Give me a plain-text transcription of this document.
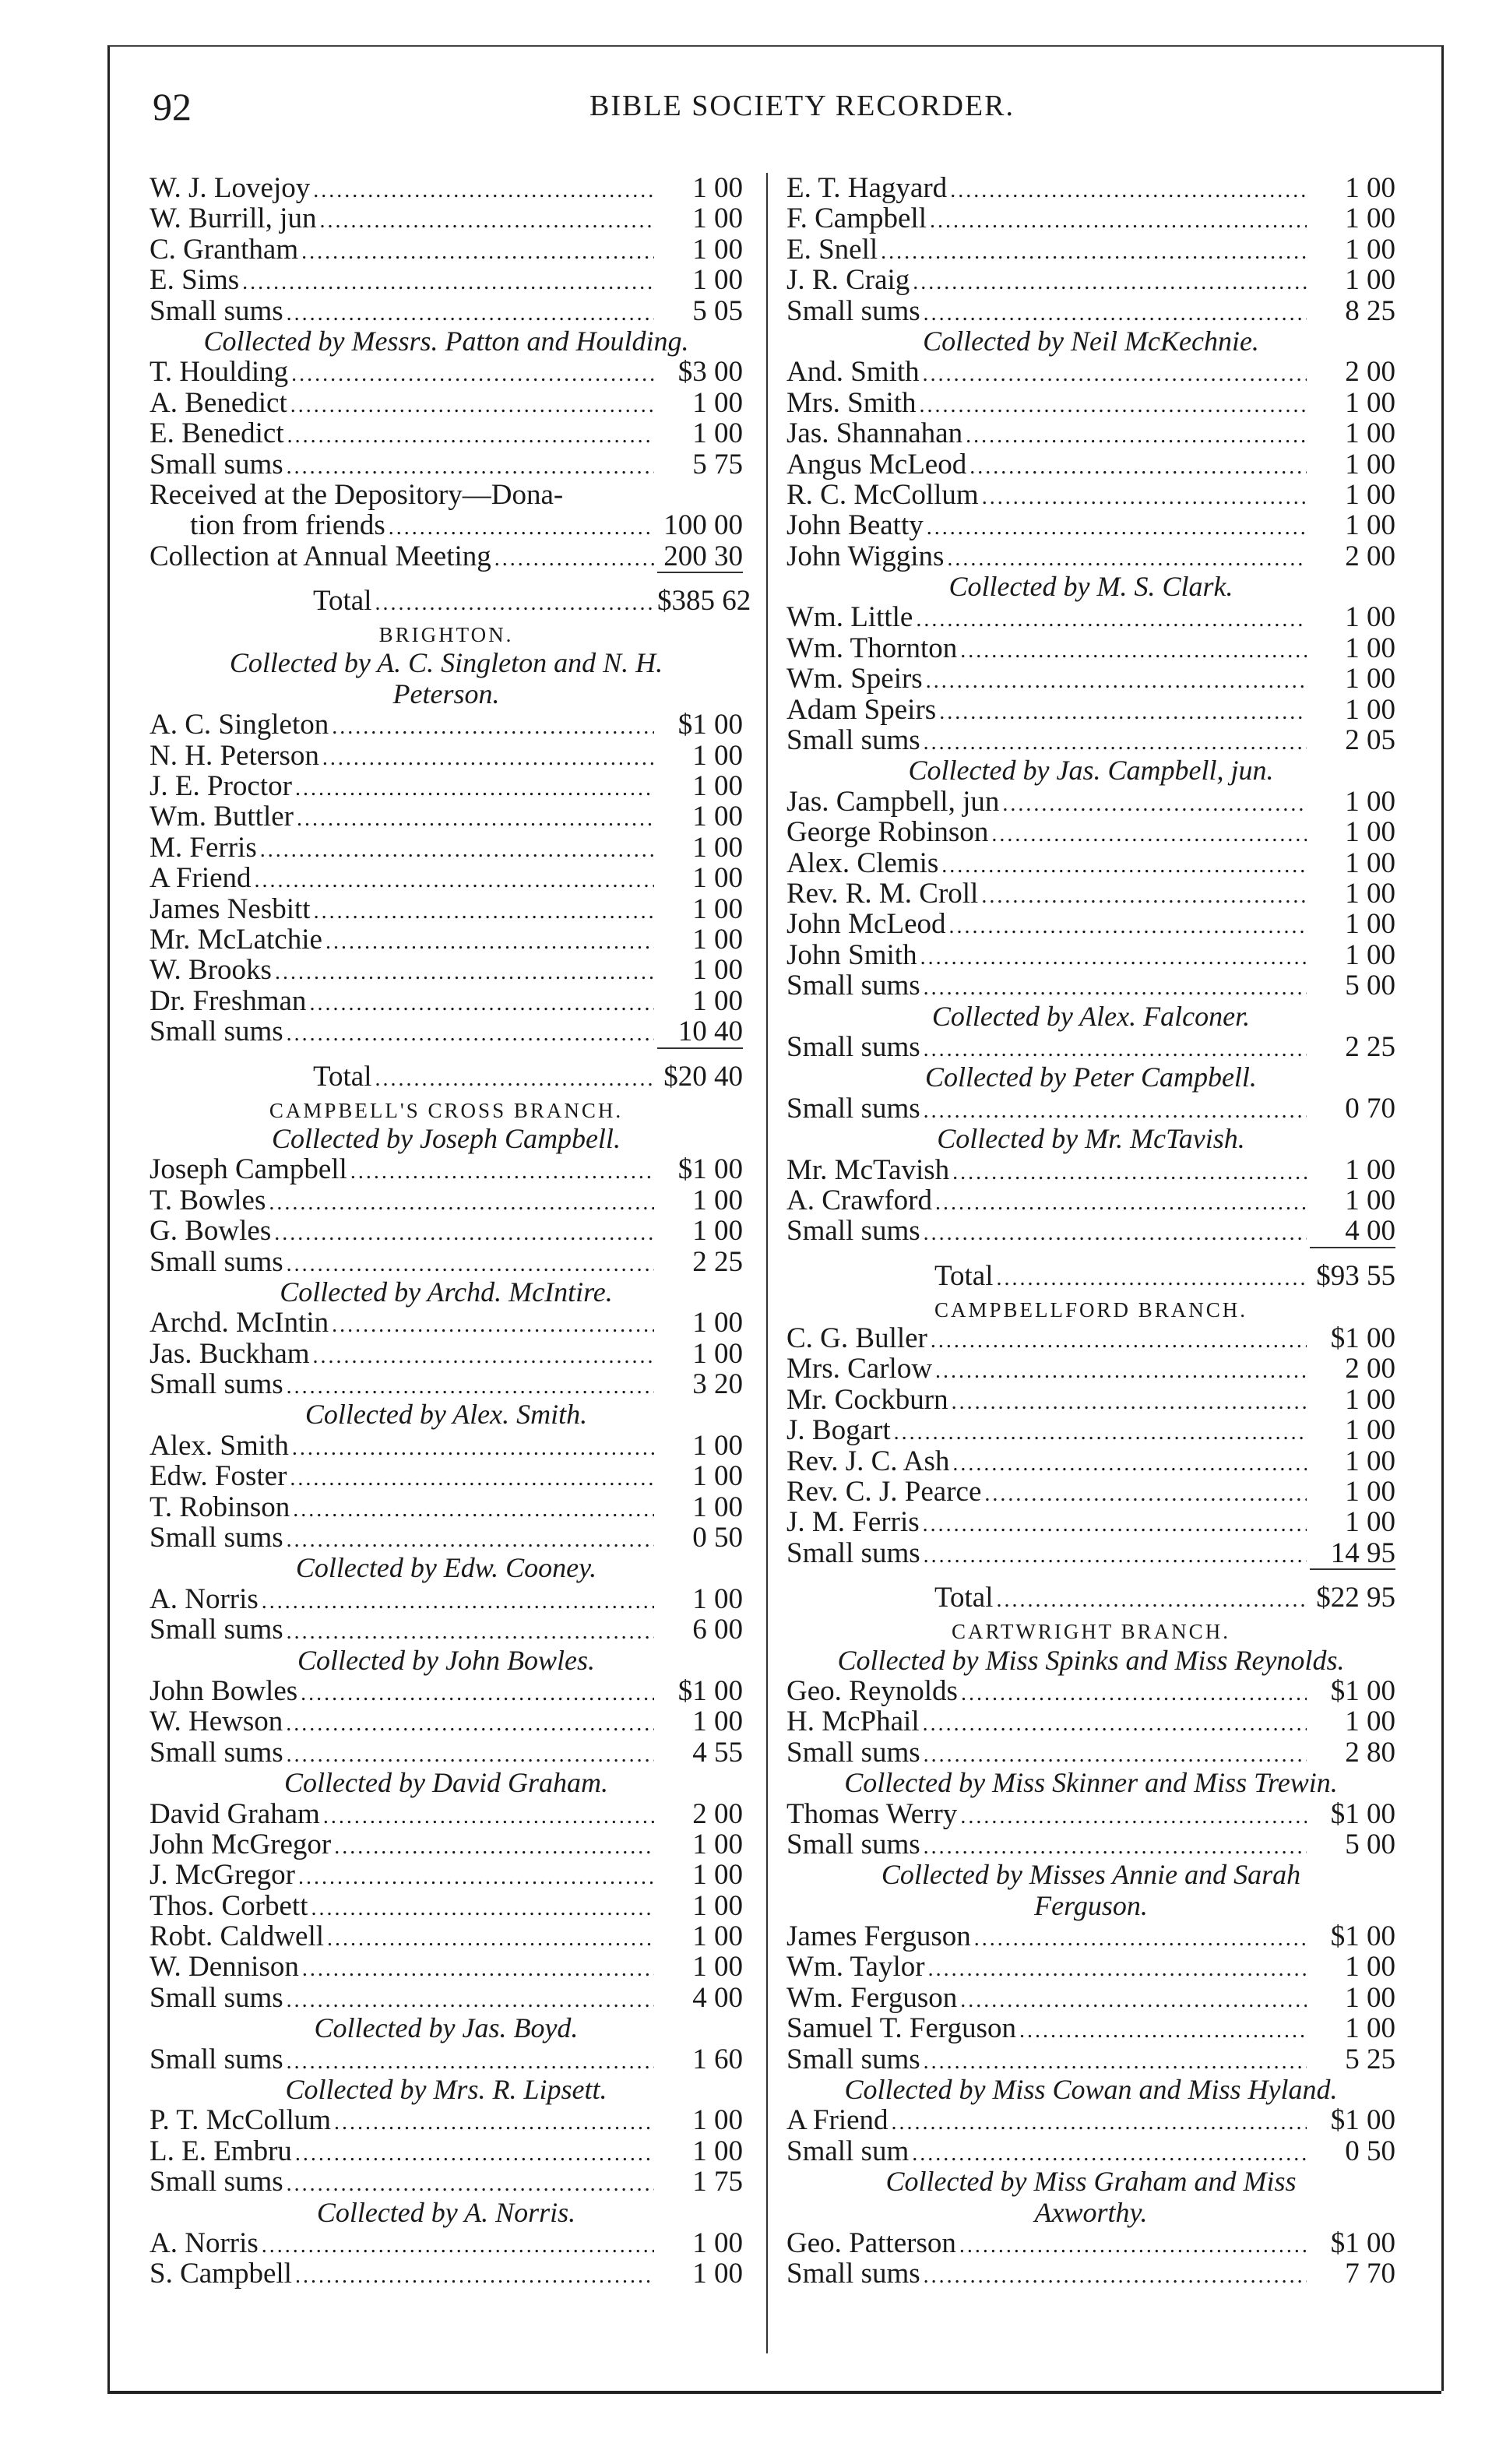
92	BIBLE SOCIETY RECORDER.
W. J. Lovejoy .....	1 00
W. Burrill, jun .....	1 00
C. Grantham .....	1 00
E. Sims .....	1 00
Small sums .....	5 05
Collected by Messrs. Patton and Houlding.
T. Houlding .....	$3 00
A. Benedict .....	1 00
E. Benedict .....	1 00
Small sums .....	5 75
Received at the Depository—Dona-
tion from friends .....	100 00
Collection at Annual Meeting .....	200 30
Total .....	$385 62
BRIGHTON.
Collected by A. C. Singleton and N. H.
Peterson.
A. C. Singleton .....	$1 00
N. H. Peterson .....	1 00
J. E. Proctor .....	1 00
Wm. Buttler .....	1 00
M. Ferris .....	1 00
A Friend .....	1 00
James Nesbitt .....	1 00
Mr. McLatchie .....	1 00
W. Brooks .....	1 00
Dr. Freshman .....	1 00
Small sums .....	10 40
Total .....	$20 40
CAMPBELL'S CROSS BRANCH.
Collected by Joseph Campbell.
Joseph Campbell .....	$1 00
T. Bowles .....	1 00
G. Bowles .....	1 00
Small sums .....	2 25
Collected by Archd. McIntire.
Archd. McIntin .....	1 00
Jas. Buckham .....	1 00
Small sums .....	3 20
Collected by Alex. Smith.
Alex. Smith .....	1 00
Edw. Foster .....	1 00
T. Robinson .....	1 00
Small sums .....	0 50
Collected by Edw. Cooney.
A. Norris .....	1 00
Small sums .....	6 00
Collected by John Bowles.
John Bowles .....	$1 00
W. Hewson .....	1 00
Small sums .....	4 55
Collected by David Graham.
David Graham .....	2 00
John McGregor .....	1 00
J. McGregor .....	1 00
Thos. Corbett .....	1 00
Robt. Caldwell .....	1 00
W. Dennison .....	1 00
Small sums .....	4 00
Collected by Jas. Boyd.
Small sums .....	1 60
Collected by Mrs. R. Lipsett.
P. T. McCollum .....	1 00
L. E. Embru .....	1 00
Small sums .....	1 75
Collected by A. Norris.
A. Norris .....	1 00
S. Campbell .....	1 00
E. T. Hagyard .....	1 00
F. Campbell .....	1 00
E. Snell .....	1 00
J. R. Craig .....	1 00
Small sums .....	8 25
Collected by Neil McKechnie.
And. Smith .....	2 00
Mrs. Smith .....	1 00
Jas. Shannahan .....	1 00
Angus McLeod .....	1 00
R. C. McCollum .....	1 00
John Beatty .....	1 00
John Wiggins .....	2 00
Collected by M. S. Clark.
Wm. Little .....	1 00
Wm. Thornton .....	1 00
Wm. Speirs .....	1 00
Adam Speirs .....	1 00
Small sums .....	2 05
Collected by Jas. Campbell, jun.
Jas. Campbell, jun .....	1 00
George Robinson .....	1 00
Alex. Clemis .....	1 00
Rev. R. M. Croll .....	1 00
John McLeod .....	1 00
John Smith .....	1 00
Small sums .....	5 00
Collected by Alex. Falconer.
Small sums .....	2 25
Collected by Peter Campbell.
Small sums .....	0 70
Collected by Mr. McTavish.
Mr. McTavish .....	1 00
A. Crawford .....	1 00
Small sums .....	4 00
Total .....	$93 55
CAMPBELLFORD BRANCH.
C. G. Buller .....	$1 00
Mrs. Carlow .....	2 00
Mr. Cockburn .....	1 00
J. Bogart .....	1 00
Rev. J. C. Ash .....	1 00
Rev. C. J. Pearce .....	1 00
J. M. Ferris .....	1 00
Small sums .....	14 95
Total .....	$22 95
CARTWRIGHT BRANCH.
Collected by Miss Spinks and Miss Reynolds.
Geo. Reynolds .....	$1 00
H. McPhail .....	1 00
Small sums .....	2 80
Collected by Miss Skinner and Miss Trewin.
Thomas Werry .....	$1 00
Small sums .....	5 00
Collected by Misses Annie and Sarah
Ferguson.
James Ferguson .....	$1 00
Wm. Taylor .....	1 00
Wm. Ferguson .....	1 00
Samuel T. Ferguson .....	1 00
Small sums .....	5 25
Collected by Miss Cowan and Miss Hyland.
A Friend .....	$1 00
Small sum .....	0 50
Collected by Miss Graham and Miss
Axworthy.
Geo. Patterson .....	$1 00
Small sums .....	7 70
